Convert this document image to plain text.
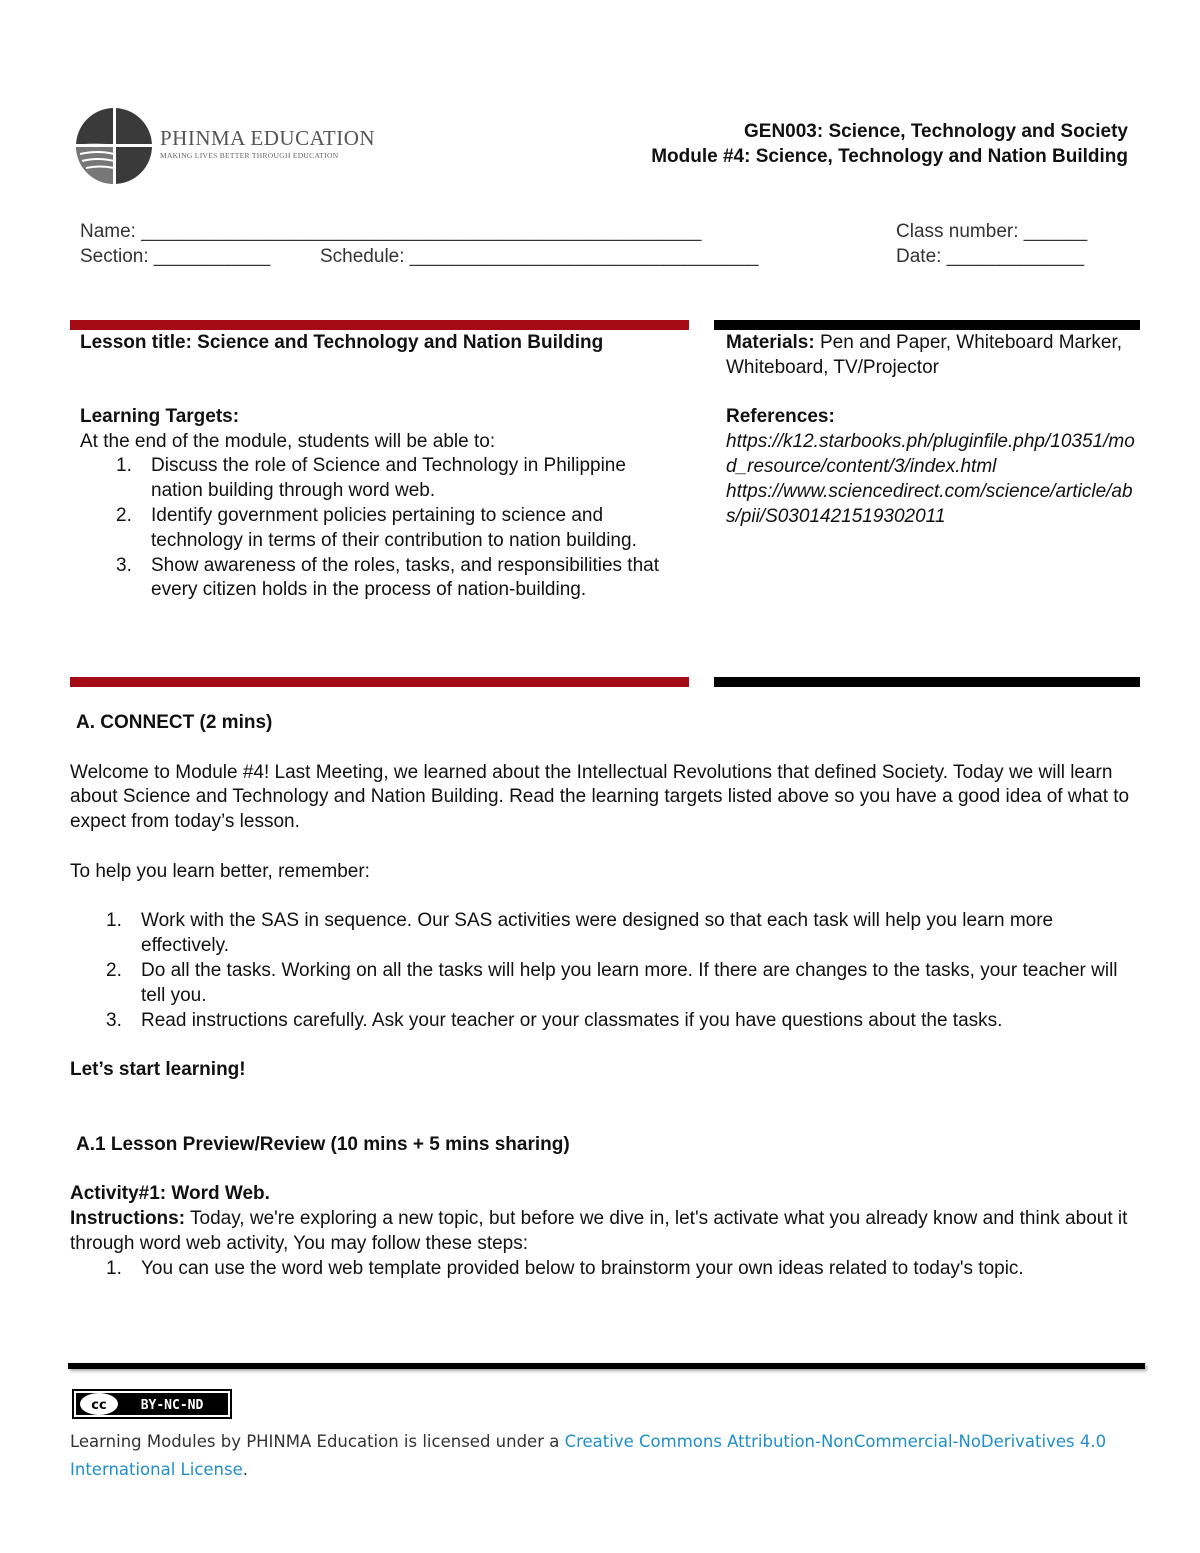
PHINMA EDUCATION
MAKING LIVES BETTER THROUGH EDUCATION
GEN003: Science, Technology and Society
Module #4: Science, Technology and Nation Building
Name: _____________________________________________________	Class number: ______
Section: ___________	Schedule: _________________________________	Date: _____________
Lesson title: Science and Technology and Nation Building
Learning Targets:
At the end of the module, students will be able to:
1. Discuss the role of Science and Technology in Philippine nation building through word web.
2. Identify government policies pertaining to science and technology in terms of their contribution to nation building.
3. Show awareness of the roles, tasks, and responsibilities that every citizen holds in the process of nation-building.
Materials: Pen and Paper, Whiteboard Marker, Whiteboard, TV/Projector
References:
https://k12.starbooks.ph/pluginfile.php/10351/mod_resource/content/3/index.html
https://www.sciencedirect.com/science/article/abs/pii/S0301421519302011
A. CONNECT (2 mins)
Welcome to Module #4! Last Meeting, we learned about the Intellectual Revolutions that defined Society. Today we will learn about Science and Technology and Nation Building. Read the learning targets listed above so you have a good idea of what to expect from today’s lesson.
To help you learn better, remember:
1. Work with the SAS in sequence. Our SAS activities were designed so that each task will help you learn more effectively.
2. Do all the tasks. Working on all the tasks will help you learn more. If there are changes to the tasks, your teacher will tell you.
3. Read instructions carefully. Ask your teacher or your classmates if you have questions about the tasks.
Let’s start learning!
A.1 Lesson Preview/Review (10 mins + 5 mins sharing)
Activity#1: Word Web.
Instructions: Today, we're exploring a new topic, but before we dive in, let's activate what you already know and think about it through word web activity, You may follow these steps:
1. You can use the word web template provided below to brainstorm your own ideas related to today's topic.
cc	BY-NC-ND
Learning Modules by PHINMA Education is licensed under a Creative Commons Attribution-NonCommercial-NoDerivatives 4.0 International License.
